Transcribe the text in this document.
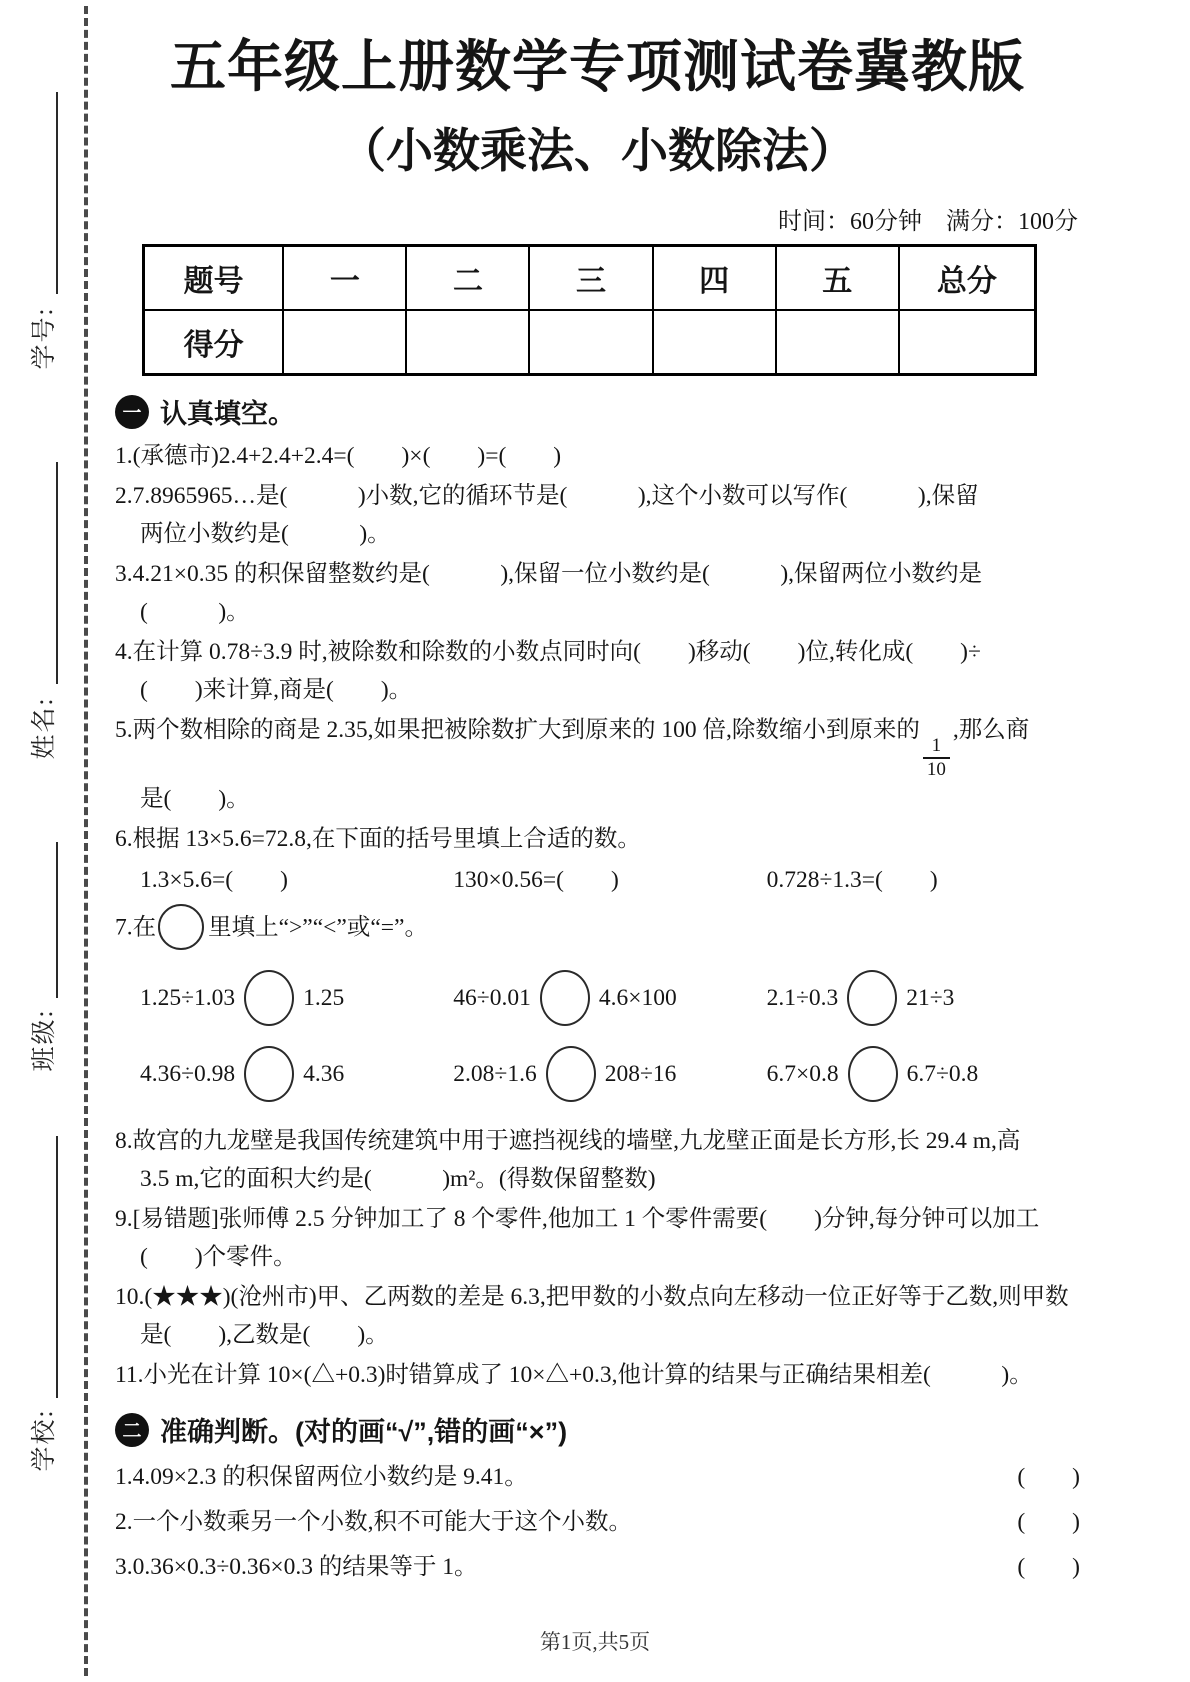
学号:
姓名:
班级:
学校:
五年级上册数学专项测试卷冀教版
（小数乘法、小数除法）
时间：60分钟　满分：100分
题号	一	二	三	四	五	总分
得分						
一 认真填空。
1.(承德市)2.4+2.4+2.4=(　　)×(　　)=(　　)
2.7.8965965…是(　　　)小数,它的循环节是(　　　),这个小数可以写作(　　　),保留
两位小数约是(　　　)。
3.4.21×0.35 的积保留整数约是(　　　),保留一位小数约是(　　　),保留两位小数约是
(　　　)。
4.在计算 0.78÷3.9 时,被除数和除数的小数点同时向(　　)移动(　　)位,转化成(　　)÷
(　　)来计算,商是(　　)。
5.两个数相除的商是 2.35,如果把被除数扩大到原来的 100 倍,除数缩小到原来的
$\frac{1}{10}$
,那么商
是(　　)。
6.根据 13×5.6=72.8,在下面的括号里填上合适的数。
1.3×5.6=(　　)	130×0.56=(　　)	0.728÷1.3=(　　)
7.在 里填上“>”“<”或“=”。
1.25÷1.03	1.25	46÷0.01	4.6×100	2.1÷0.3	21÷3
4.36÷0.98	4.36	2.08÷1.6	208÷16	6.7×0.8	6.7÷0.8
8.故宫的九龙壁是我国传统建筑中用于遮挡视线的墙壁,九龙壁正面是长方形,长 29.4 m,高
3.5 m,它的面积大约是(　　　)m²。(得数保留整数)
9.[易错题]张师傅 2.5 分钟加工了 8 个零件,他加工 1 个零件需要(　　)分钟,每分钟可以加工
(　　)个零件。
10.(★★★)(沧州市)甲、乙两数的差是 6.3,把甲数的小数点向左移动一位正好等于乙数,则甲数
是(　　),乙数是(　　)。
11.小光在计算 10×(△+0.3)时错算成了 10×△+0.3,他计算的结果与正确结果相差(　　　)。
二 准确判断。(对的画“√”,错的画“×”)
1.4.09×2.3 的积保留两位小数约是 9.41。	(　　)
2.一个小数乘另一个小数,积不可能大于这个小数。	(　　)
3.0.36×0.3÷0.36×0.3 的结果等于 1。	(　　)
第1页,共5页
